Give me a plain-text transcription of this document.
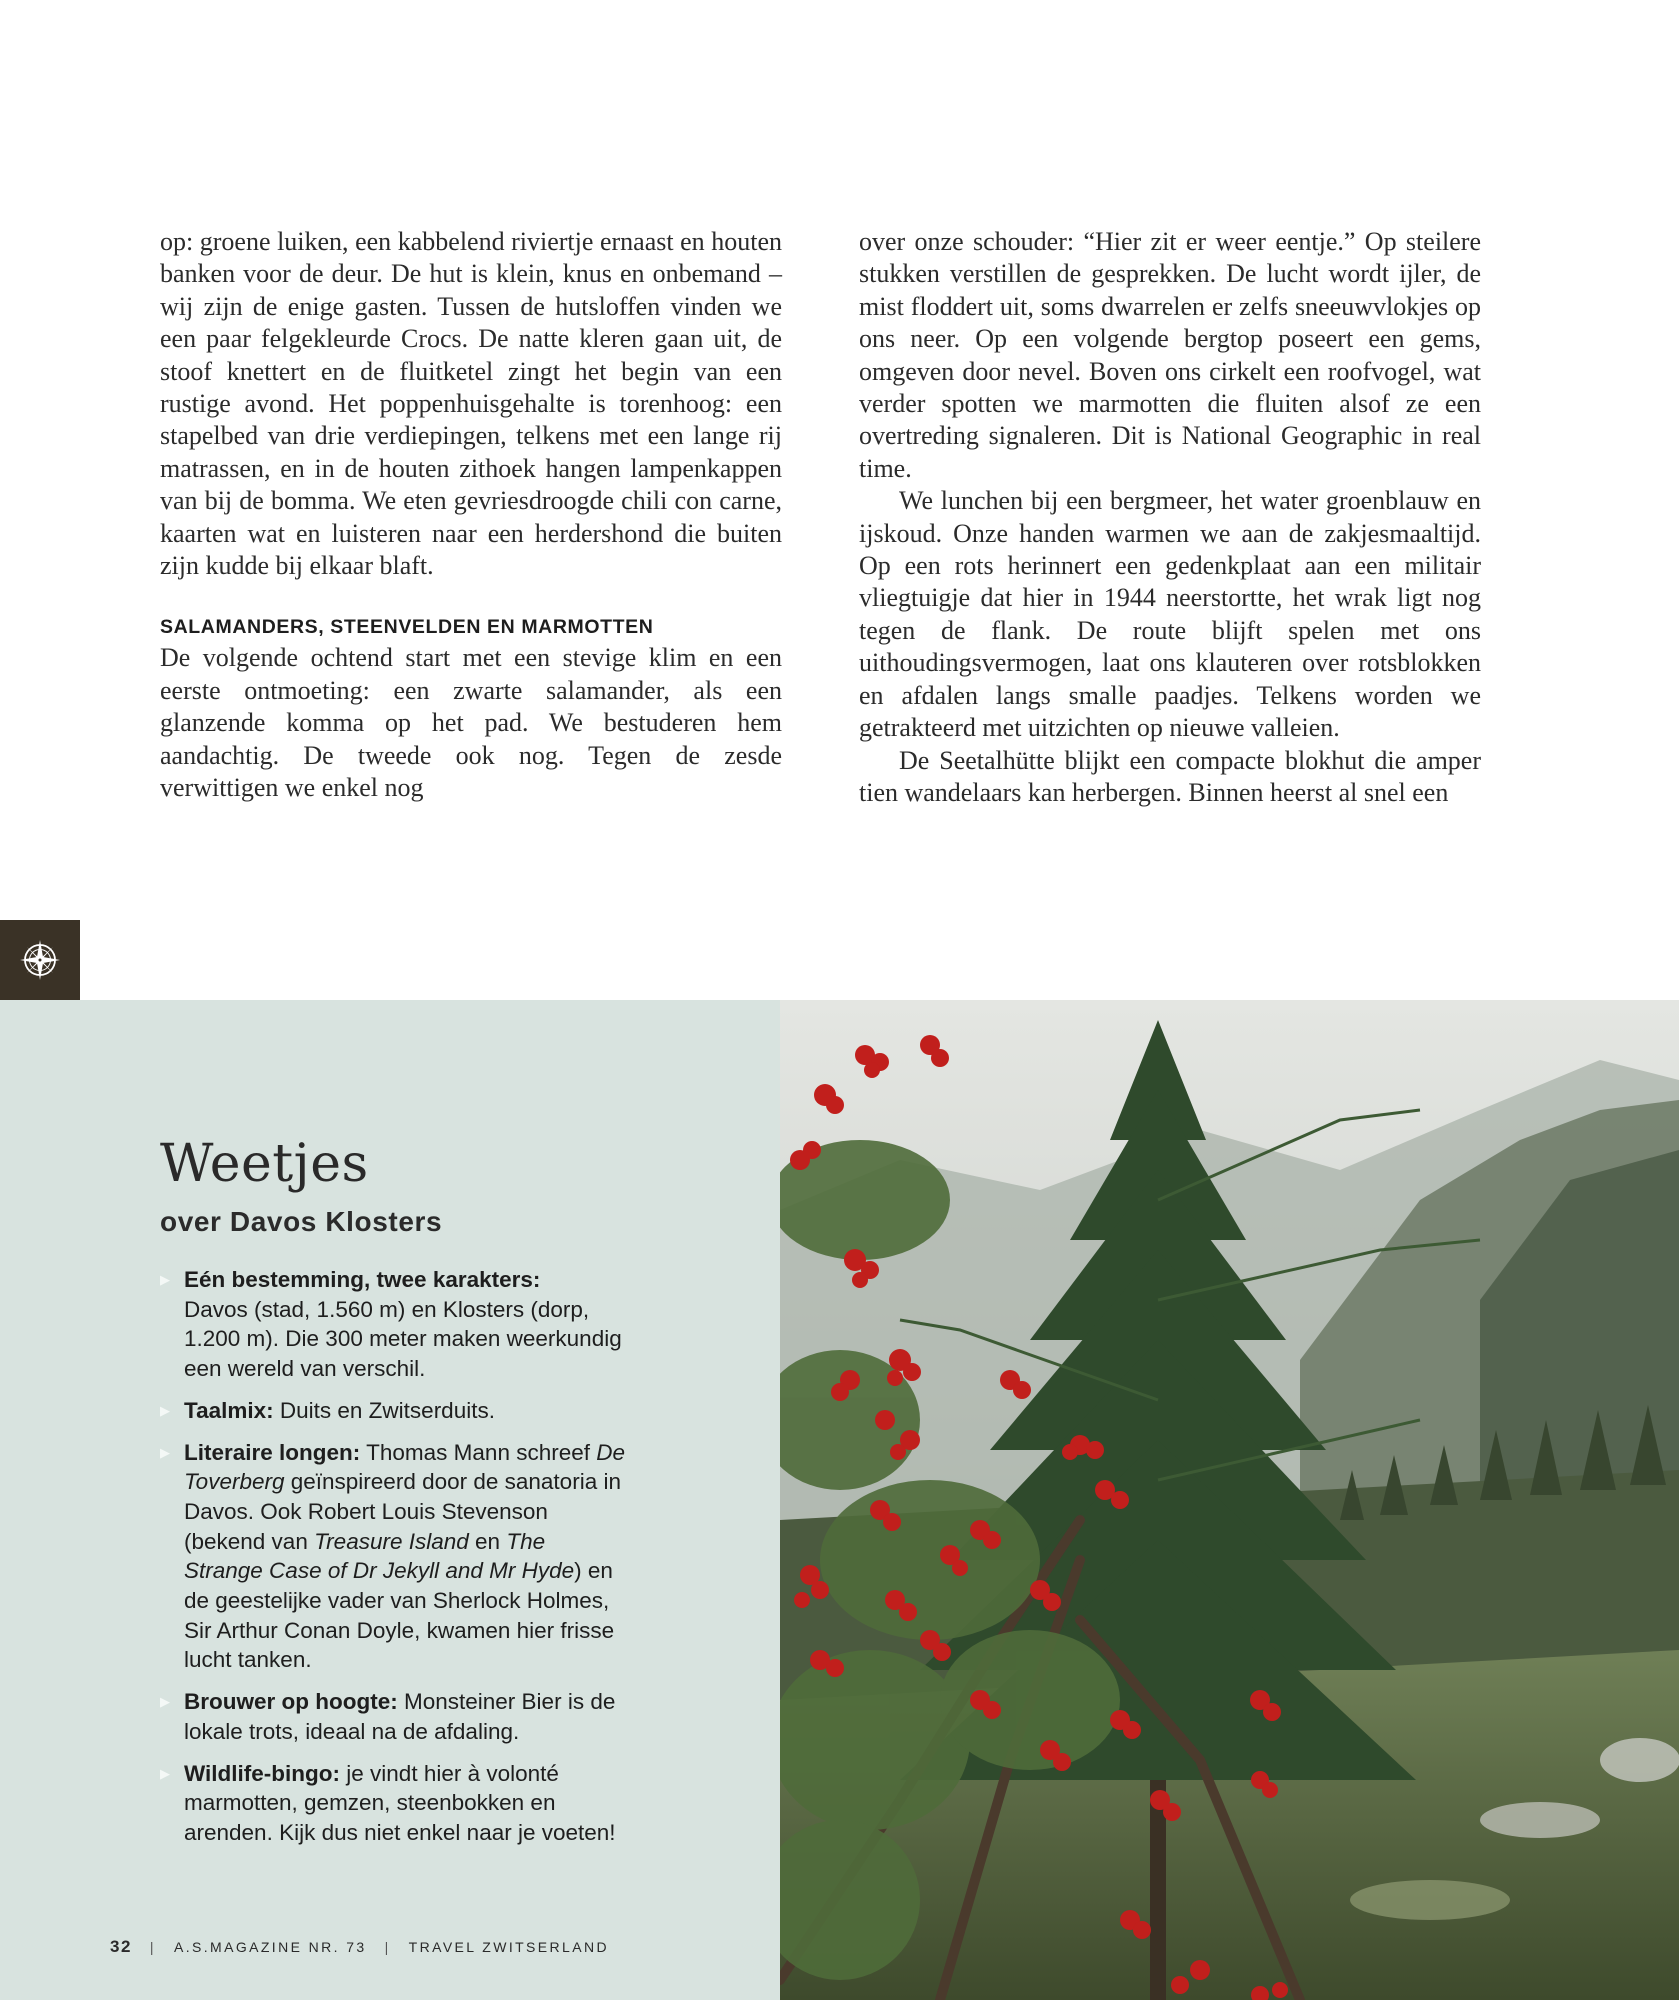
op: groene luiken, een kabbelend riviertje ernaast en houten banken voor de deur. De hut is klein, knus en onbemand – wij zijn de enige gasten. Tussen de hutsloffen vinden we een paar felgekleurde Crocs. De natte kleren gaan uit, de stoof knettert en de fluitketel zingt het begin van een rustige avond. Het poppenhuisgehalte is torenhoog: een stapelbed van drie verdiepingen, telkens met een lange rij matrassen, en in de houten zithoek hangen lampenkappen van bij de bomma. We eten gevriesdroogde chili con carne, kaarten wat en luisteren naar een herdershond die buiten zijn kudde bij elkaar blaft.

SALAMANDERS, STEENVELDEN EN MARMOTTEN

De volgende ochtend start met een stevige klim en een eerste ontmoeting: een zwarte salamander, als een glanzende komma op het pad. We bestuderen hem aandachtig. De tweede ook nog. Tegen de zesde verwittigen we enkel nog

over onze schouder: “Hier zit er weer eentje.” Op steilere stukken verstillen de gesprekken. De lucht wordt ijler, de mist floddert uit, soms dwarrelen er zelfs sneeuwvlokjes op ons neer. Op een volgende bergtop poseert een gems, omgeven door nevel. Boven ons cirkelt een roofvogel, wat verder spotten we marmotten die fluiten alsof ze een overtreding signaleren. Dit is National Geographic in real time.

We lunchen bij een bergmeer, het water groenblauw en ijskoud. Onze handen warmen we aan de zakjesmaaltijd. Op een rots herinnert een gedenkplaat aan een militair vliegtuigje dat hier in 1944 neerstortte, het wrak ligt nog tegen de flank. De route blijft spelen met ons uithoudingsvermogen, laat ons klauteren over rotsblokken en afdalen langs smalle paadjes. Telkens worden we getrakteerd met uitzichten op nieuwe valleien.

De Seetalhütte blijkt een compacte blokhut die amper tien wandelaars kan herbergen. Binnen heerst al snel een

Weetjes
over Davos Klosters
▶ Eén bestemming, twee karakters:
Davos (stad, 1.560 m) en Klosters (dorp, 1.200 m). Die 300 meter maken weerkundig een wereld van verschil.
▶ Taalmix: Duits en Zwitserduits.
▶ Literaire longen: Thomas Mann schreef De Toverberg geïnspireerd door de sanatoria in Davos. Ook Robert Louis Stevenson (bekend van Treasure Island en The Strange Case of Dr Jekyll and Mr Hyde) en de geestelijke vader van Sherlock Holmes, Sir Arthur Conan Doyle, kwamen hier frisse lucht tanken.
▶ Brouwer op hoogte: Monsteiner Bier is de lokale trots, ideaal na de afdaling.
▶ Wildlife-bingo: je vindt hier à volonté marmotten, gemzen, steenbokken en arenden. Kijk dus niet enkel naar je voeten!
32 | A.S.MAGAZINE NR. 73 | TRAVEL ZWITSERLAND
